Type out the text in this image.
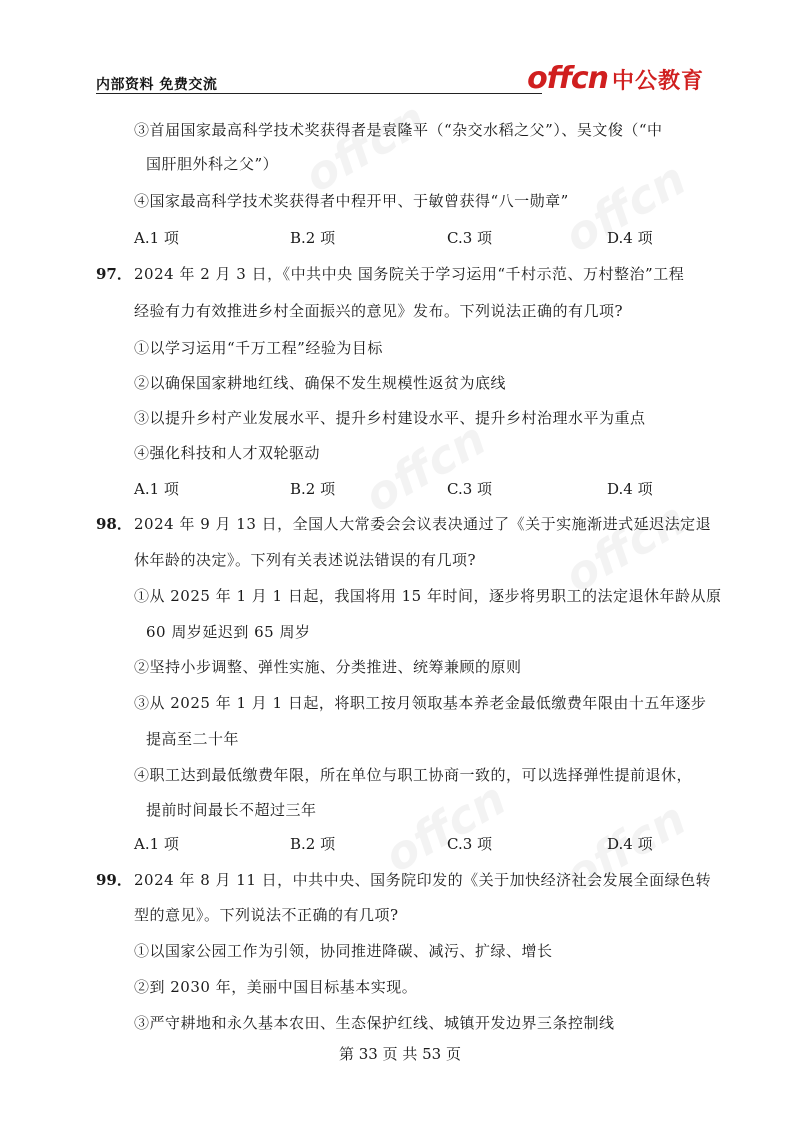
内部资料 免费交流	offcn 中公教育
③首届国家最高科学技术奖获得者是袁隆平（“杂交水稻之父”）、吴文俊（“中
国肝胆外科之父”）
④国家最高科学技术奖获得者中程开甲、于敏曾获得“八一勋章”
A.1 项	B.2 项	C.3 项	D.4 项
97． 2024 年 2 月 3 日，《中共中央 国务院关于学习运用“千村示范、万村整治”工程
经验有力有效推进乡村全面振兴的意见》发布。下列说法正确的有几项?
①以学习运用“千万工程”经验为目标
②以确保国家耕地红线、确保不发生规模性返贫为底线
③以提升乡村产业发展水平、提升乡村建设水平、提升乡村治理水平为重点
④强化科技和人才双轮驱动
A.1 项	B.2 项	C.3 项	D.4 项
98． 2024 年 9 月 13 日，全国人大常委会会议表决通过了《关于实施渐进式延迟法定退
休年龄的决定》。下列有关表述说法错误的有几项?
①从 2025 年 1 月 1 日起，我国将用 15 年时间，逐步将男职工的法定退休年龄从原
60 周岁延迟到 65 周岁
②坚持小步调整、弹性实施、分类推进、统筹兼顾的原则
③从 2025 年 1 月 1 日起，将职工按月领取基本养老金最低缴费年限由十五年逐步
提高至二十年
④职工达到最低缴费年限，所在单位与职工协商一致的，可以选择弹性提前退休，
提前时间最长不超过三年
A.1 项	B.2 项	C.3 项	D.4 项
99． 2024 年 8 月 11 日，中共中央、国务院印发的《关于加快经济社会发展全面绿色转
型的意见》。下列说法不正确的有几项?
①以国家公园工作为引领，协同推进降碳、减污、扩绿、增长
②到 2030 年，美丽中国目标基本实现。
③严守耕地和永久基本农田、生态保护红线、城镇开发边界三条控制线
第 33 页 共 53 页
